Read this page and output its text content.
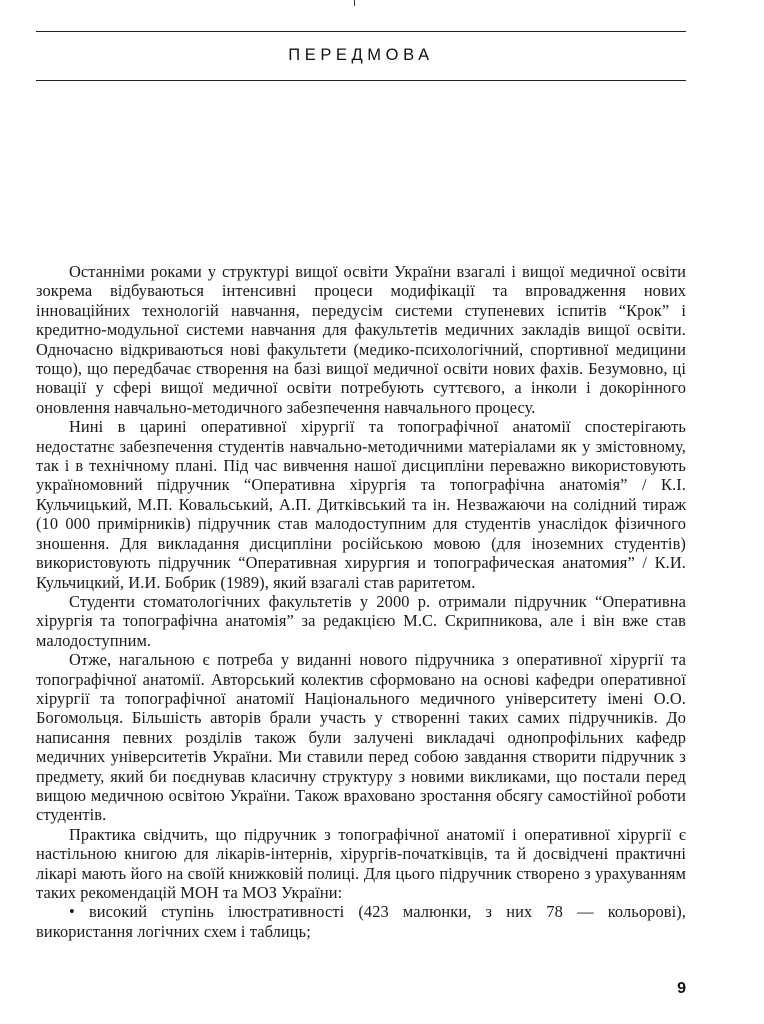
ПЕРЕДМОВА

Останніми роками у структурі вищої освіти України взагалі і вищої медичної освіти зокрема відбуваються інтенсивні процеси модифікації та впровадження нових інноваційних технологій навчання, передусім системи ступеневих іспитів “Крок” і кредитно-модульної системи навчання для факультетів медичних закладів вищої освіти. Одночасно відкриваються нові факультети (медико-психологічний, спортивної медицини тощо), що передбачає створення на базі вищої медичної освіти нових фахів. Безумовно, ці новації у сфері вищої медичної освіти потребують суттєвого, а інколи і докорінного оновлення навчально-методичного забезпечення навчального процесу.

Нині в царині оперативної хірургії та топографічної анатомії спостерігають недостатнє забезпечення студентів навчально-методичними матеріалами як у змістовному, так і в технічному плані. Під час вивчення нашої дисципліни переважно використовують україномовний підручник “Оперативна хірургія та топографічна анатомія” / К.І. Кульчицький, М.П. Ковальський, А.П. Дитківський та ін. Незважаючи на солідний тираж (10 000 примірників) підручник став малодоступним для студентів унаслідок фізичного зношення. Для викладання дисципліни російською мовою (для іноземних студентів) використовують підручник “Оперативная хирургия и топографическая анатомия” / К.И. Кульчицкий, И.И. Бобрик (1989), який взагалі став раритетом.

Студенти стоматологічних факультетів у 2000 р. отримали підручник “Оперативна хірургія та топографічна анатомія” за редакцією М.С. Скрипникова, але і він вже став малодоступним.

Отже, нагальною є потреба у виданні нового підручника з оперативної хірургії та топографічної анатомії. Авторський колектив сформовано на основі кафедри оперативної хірургії та топографічної анатомії Національного медичного університету імені О.О. Богомольця. Більшість авторів брали участь у створенні таких самих підручників. До написання певних розділів також були залучені викладачі однопрофільних кафедр медичних університетів України. Ми ставили перед собою завдання створити підручник з предмету, який би поєднував класичну структуру з новими викликами, що постали перед вищою медичною освітою України. Також враховано зростання обсягу самостійної роботи студентів.

Практика свідчить, що підручник з топографічної анатомії і оперативної хірургії є настільною книгою для лікарів-інтернів, хірургів-початківців, та й досвідчені практичні лікарі мають його на своїй книжковій полиці. Для цього підручник створено з урахуванням таких рекомендацій МОН та МОЗ України:

• високий ступінь ілюстративності (423 малюнки, з них 78 — кольорові), використання логічних схем і таблиць;

9
